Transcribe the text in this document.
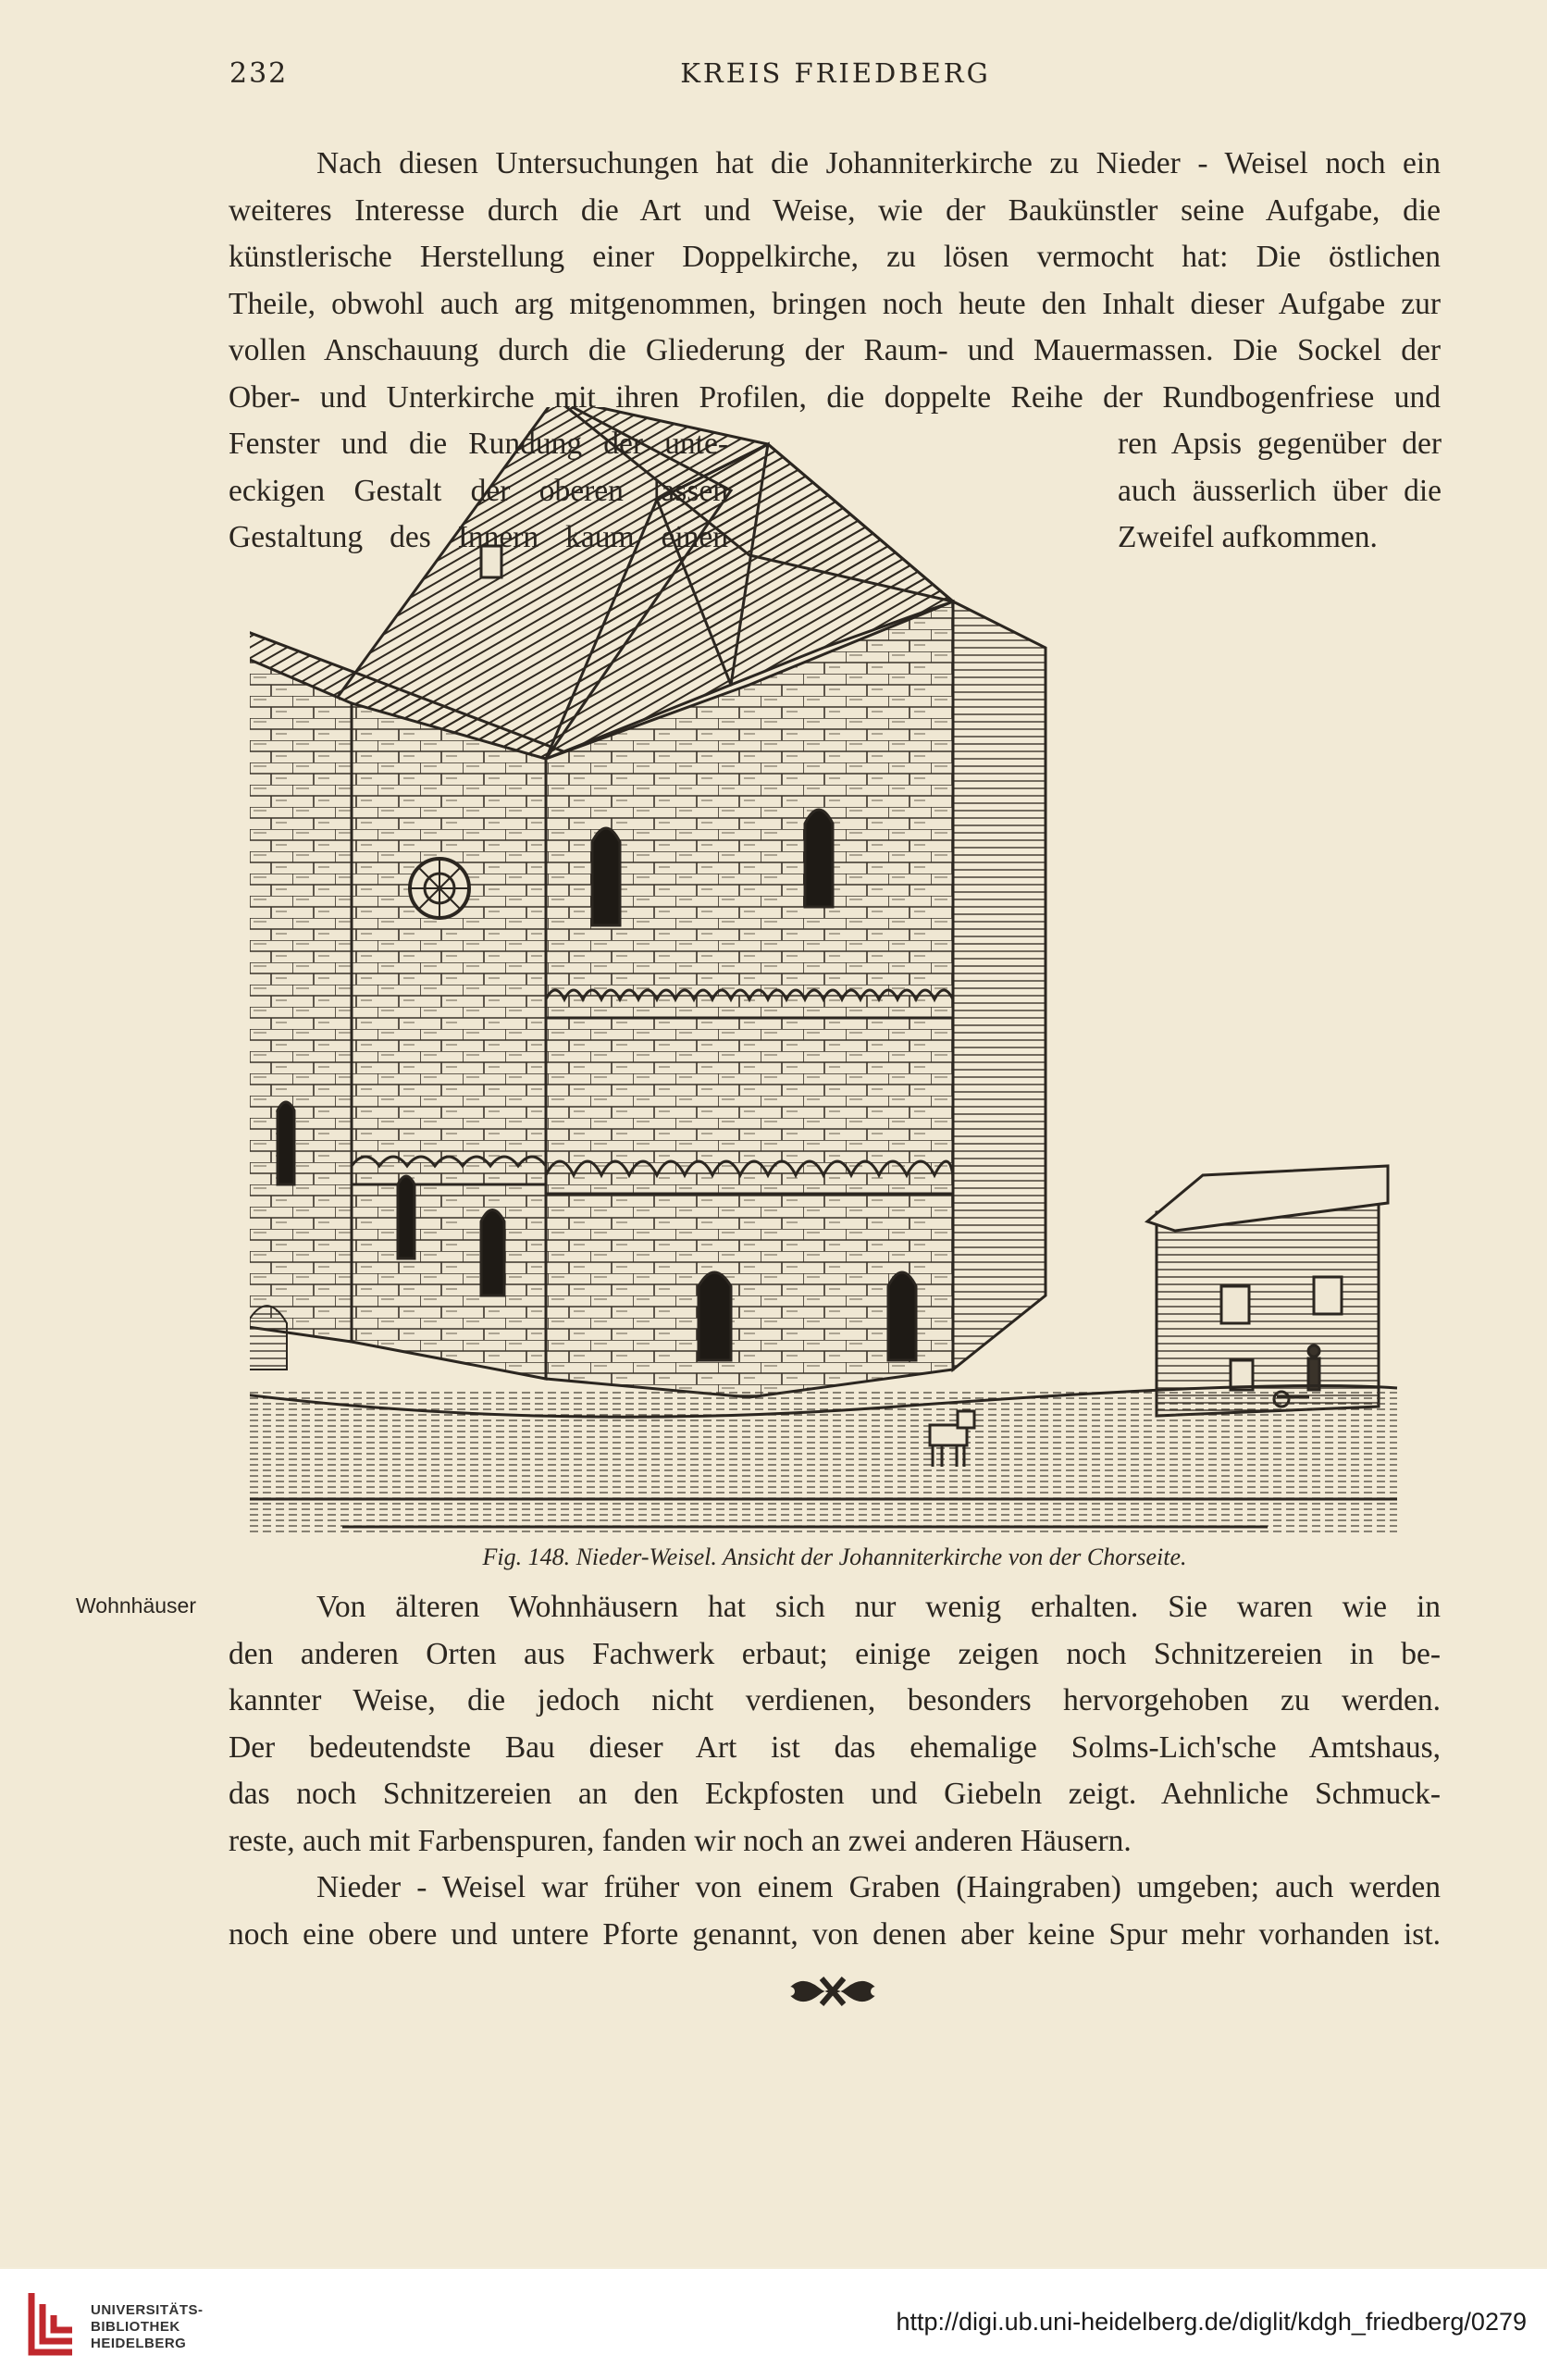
232	KREIS FRIEDBERG
Nach diesen Untersuchungen hat die Johanniterkirche zu Nieder - Weisel noch ein
weiteres Interesse durch die Art und Weise, wie der Baukünstler seine Aufgabe, die
künstlerische Herstellung einer Doppelkirche, zu lösen vermocht hat: Die östlichen
Theile, obwohl auch arg mitgenommen, bringen noch heute den Inhalt dieser Aufgabe zur
vollen Anschauung durch die Gliederung der Raum- und Mauermassen. Die Sockel der
Ober- und Unterkirche mit ihren Profilen, die doppelte Reihe der Rundbogenfriese und
Fenster und die Rundung der unte-
eckigen Gestalt der oberen lassen
Gestaltung des Innern kaum einen
ren Apsis gegenüber der
auch äusserlich über die
Zweifel aufkommen.
Fig. 148. Nieder-Weisel. Ansicht der Johanniterkirche von der Chorseite.
Wohnhäuser	Von älteren Wohnhäusern hat sich nur wenig erhalten. Sie waren wie in
den anderen Orten aus Fachwerk erbaut; einige zeigen noch Schnitzereien in be-
kannter Weise, die jedoch nicht verdienen, besonders hervorgehoben zu werden.
Der bedeutendste Bau dieser Art ist das ehemalige Solms-Lich'sche Amtshaus,
das noch Schnitzereien an den Eckpfosten und Giebeln zeigt. Aehnliche Schmuck-
reste, auch mit Farbenspuren, fanden wir noch an zwei anderen Häusern.
Nieder - Weisel war früher von einem Graben (Haingraben) umgeben; auch werden
noch eine obere und untere Pforte genannt, von denen aber keine Spur mehr vorhanden ist.
UNIVERSITÄTS-
BIBLIOTHEK
HEIDELBERG
http://digi.ub.uni-heidelberg.de/diglit/kdgh_friedberg/0279
